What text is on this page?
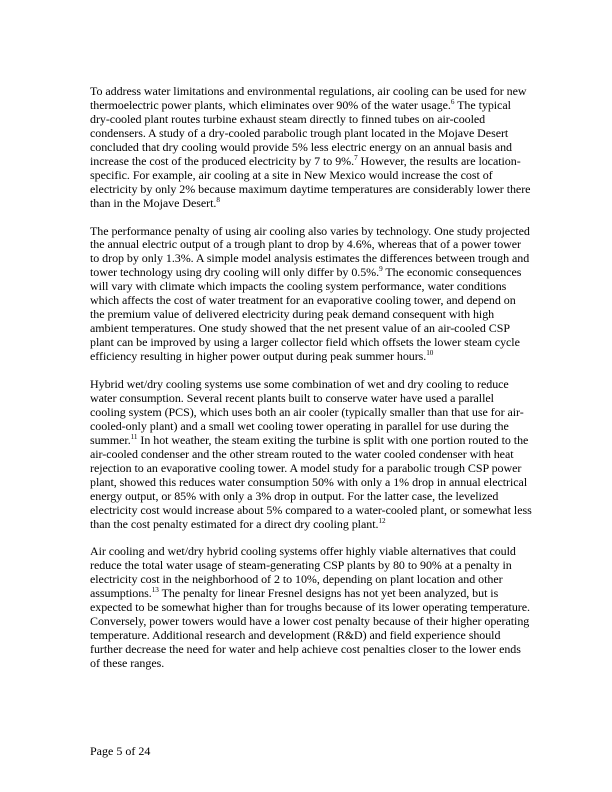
To address water limitations and environmental regulations, air cooling can be used for new thermoelectric power plants, which eliminates over 90% of the water usage.$^6$ The typical dry-cooled plant routes turbine exhaust steam directly to finned tubes on air-cooled condensers. A study of a dry-cooled parabolic trough plant located in the Mojave Desert concluded that dry cooling would provide 5% less electric energy on an annual basis and increase the cost of the produced electricity by 7 to 9%.$^7$ However, the results are location-specific. For example, air cooling at a site in New Mexico would increase the cost of electricity by only 2% because maximum daytime temperatures are considerably lower there than in the Mojave Desert.$^8$

The performance penalty of using air cooling also varies by technology. One study projected the annual electric output of a trough plant to drop by 4.6%, whereas that of a power tower to drop by only 1.3%. A simple model analysis estimates the differences between trough and tower technology using dry cooling will only differ by 0.5%.$^9$ The economic consequences will vary with climate which impacts the cooling system performance, water conditions which affects the cost of water treatment for an evaporative cooling tower, and depend on the premium value of delivered electricity during peak demand consequent with high ambient temperatures. One study showed that the net present value of an air-cooled CSP plant can be improved by using a larger collector field which offsets the lower steam cycle efficiency resulting in higher power output during peak summer hours.$^{10}$

Hybrid wet/dry cooling systems use some combination of wet and dry cooling to reduce water consumption. Several recent plants built to conserve water have used a parallel cooling system (PCS), which uses both an air cooler (typically smaller than that use for air-cooled-only plant) and a small wet cooling tower operating in parallel for use during the summer.$^{11}$ In hot weather, the steam exiting the turbine is split with one portion routed to the air-cooled condenser and the other stream routed to the water cooled condenser with heat rejection to an evaporative cooling tower. A model study for a parabolic trough CSP power plant, showed this reduces water consumption 50% with only a 1% drop in annual electrical energy output, or 85% with only a 3% drop in output. For the latter case, the levelized electricity cost would increase about 5% compared to a water-cooled plant, or somewhat less than the cost penalty estimated for a direct dry cooling plant.$^{12}$

Air cooling and wet/dry hybrid cooling systems offer highly viable alternatives that could reduce the total water usage of steam-generating CSP plants by 80 to 90% at a penalty in electricity cost in the neighborhood of 2 to 10%, depending on plant location and other assumptions.$^{13}$ The penalty for linear Fresnel designs has not yet been analyzed, but is expected to be somewhat higher than for troughs because of its lower operating temperature. Conversely, power towers would have a lower cost penalty because of their higher operating temperature. Additional research and development (R&D) and field experience should further decrease the need for water and help achieve cost penalties closer to the lower ends of these ranges.

Page 5 of 24
